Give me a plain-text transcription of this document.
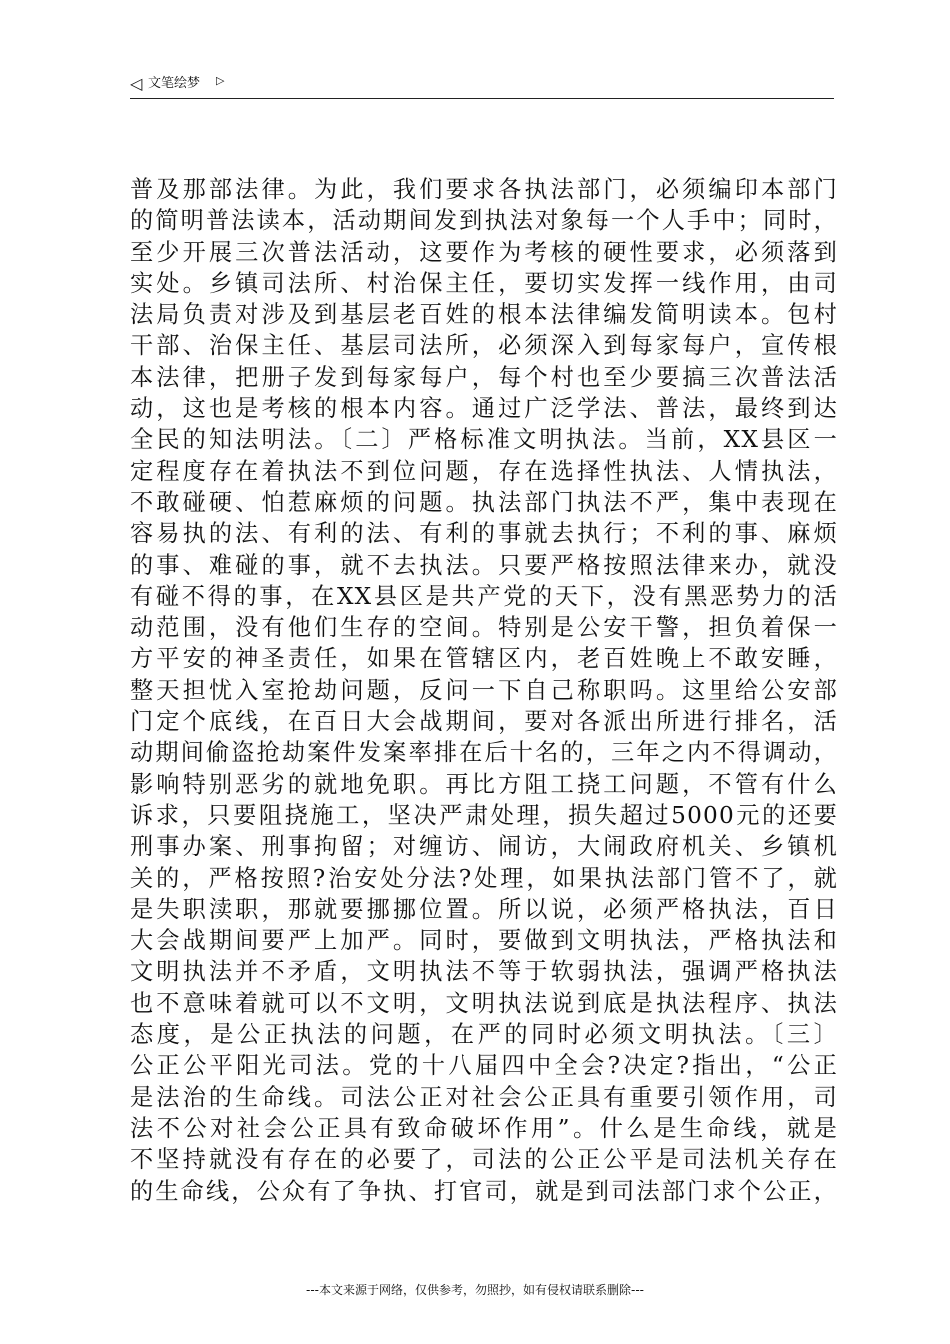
◁ 文笔绘梦 ▷
普及那部法律。为此，我们要求各执法部门，必须编印本部门
的简明普法读本，活动期间发到执法对象每一个人手中；同时，
至少开展三次普法活动，这要作为考核的硬性要求，必须落到
实处。乡镇司法所、村治保主任，要切实发挥一线作用，由司
法局负责对涉及到基层老百姓的根本法律编发简明读本。包村
干部、治保主任、基层司法所，必须深入到每家每户，宣传根
本法律，把册子发到每家每户，每个村也至少要搞三次普法活
动，这也是考核的根本内容。通过广泛学法、普法，最终到达
全民的知法明法。〔二〕严格标准文明执法。当前，XX县区一
定程度存在着执法不到位问题，存在选择性执法、人情执法，
不敢碰硬、怕惹麻烦的问题。执法部门执法不严，集中表现在
容易执的法、有利的法、有利的事就去执行；不利的事、麻烦
的事、难碰的事，就不去执法。只要严格按照法律来办，就没
有碰不得的事，在XX县区是共产党的天下，没有黑恶势力的活
动范围，没有他们生存的空间。特别是公安干警，担负着保一
方平安的神圣责任，如果在管辖区内，老百姓晚上不敢安睡，
整天担忧入室抢劫问题，反问一下自己称职吗。这里给公安部
门定个底线，在百日大会战期间，要对各派出所进行排名，活
动期间偷盗抢劫案件发案率排在后十名的，三年之内不得调动，
影响特别恶劣的就地免职。再比方阻工挠工问题，不管有什么
诉求，只要阻挠施工，坚决严肃处理，损失超过5000元的还要
刑事办案、刑事拘留；对缠访、闹访，大闹政府机关、乡镇机
关的，严格按照?治安处分法?处理，如果执法部门管不了，就
是失职渎职，那就要挪挪位置。所以说，必须严格执法，百日
大会战期间要严上加严。同时，要做到文明执法，严格执法和
文明执法并不矛盾，文明执法不等于软弱执法，强调严格执法
也不意味着就可以不文明，文明执法说到底是执法程序、执法
态度，是公正执法的问题，在严的同时必须文明执法。〔三〕
公正公平阳光司法。党的十八届四中全会?决定?指出，“公正
是法治的生命线。司法公正对社会公正具有重要引领作用，司
法不公对社会公正具有致命破坏作用”。什么是生命线，就是
不坚持就没有存在的必要了，司法的公正公平是司法机关存在
的生命线，公众有了争执、打官司，就是到司法部门求个公正，
---本文来源于网络，仅供参考，勿照抄，如有侵权请联系删除---
